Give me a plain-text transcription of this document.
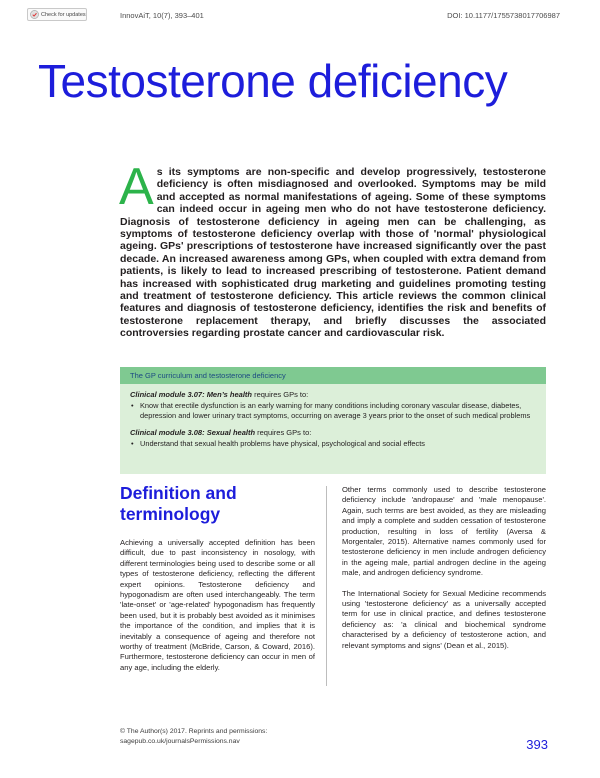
Check for updates	InnovAiT, 10(7), 393–401	DOI: 10.1177/1755738017706987
Testosterone deficiency
As its symptoms are non-specific and develop progressively, testosterone deficiency is often misdiagnosed and overlooked. Symptoms may be mild and accepted as normal manifestations of ageing. Some of these symptoms can indeed occur in ageing men who do not have testosterone deficiency. Diagnosis of testosterone deficiency in ageing men can be challenging, as symptoms of testosterone deficiency overlap with those of 'normal' physiological ageing. GPs' prescriptions of testosterone have increased significantly over the past decade. An increased awareness among GPs, when coupled with extra demand from patients, is likely to lead to increased prescribing of testosterone. Patient demand has increased with sophisticated drug marketing and guidelines promoting testing and treatment of testosterone deficiency. This article reviews the common clinical features and diagnosis of testosterone deficiency, identifies the risk and benefits of testosterone replacement therapy, and briefly discusses the associated controversies regarding prostate cancer and cardiovascular risk.
The GP curriculum and testosterone deficiency
Clinical module 3.07: Men’s health requires GPs to:
• Know that erectile dysfunction is an early warning for many conditions including coronary vascular disease, diabetes, depression and lower urinary tract symptoms, occurring on average 3 years prior to the onset of such medical problems
Clinical module 3.08: Sexual health requires GPs to:
• Understand that sexual health problems have physical, psychological and social effects
Definition and terminology

Achieving a universally accepted definition has been difficult, due to past inconsistency in nosology, with different terminologies being used to describe some or all types of testosterone deficiency, reflecting the different expert opinions. Testosterone deficiency and hypogonadism are often used interchangeably. The term 'late-onset' or 'age-related' hypogonadism has frequently been used, but it is probably best avoided as it minimises the importance of the condition, and implies that it is inevitably a consequence of ageing and therefore not worthy of treatment (McBride, Carson, & Coward, 2016). Furthermore, testosterone deficiency can occur in men of any age, including the elderly.

Other terms commonly used to describe testosterone deficiency include 'andropause' and 'male menopause'. Again, such terms are best avoided, as they are misleading and imply a complete and sudden cessation of testosterone production, resulting in loss of fertility (Aversa & Morgentaler, 2015). Alternative names commonly used for testosterone deficiency in men include androgen deficiency in the ageing male, partial androgen decline in the ageing male, and androgen deficiency syndrome.

The International Society for Sexual Medicine recommends using 'testosterone deficiency' as a universally accepted term for use in clinical practice, and defines testosterone deficiency as: 'a clinical and biochemical syndrome characterised by a deficiency of testosterone action, and relevant symptoms and signs' (Dean et al., 2015).

© The Author(s) 2017. Reprints and permissions:
sagepub.co.uk/journalsPermissions.nav	393
